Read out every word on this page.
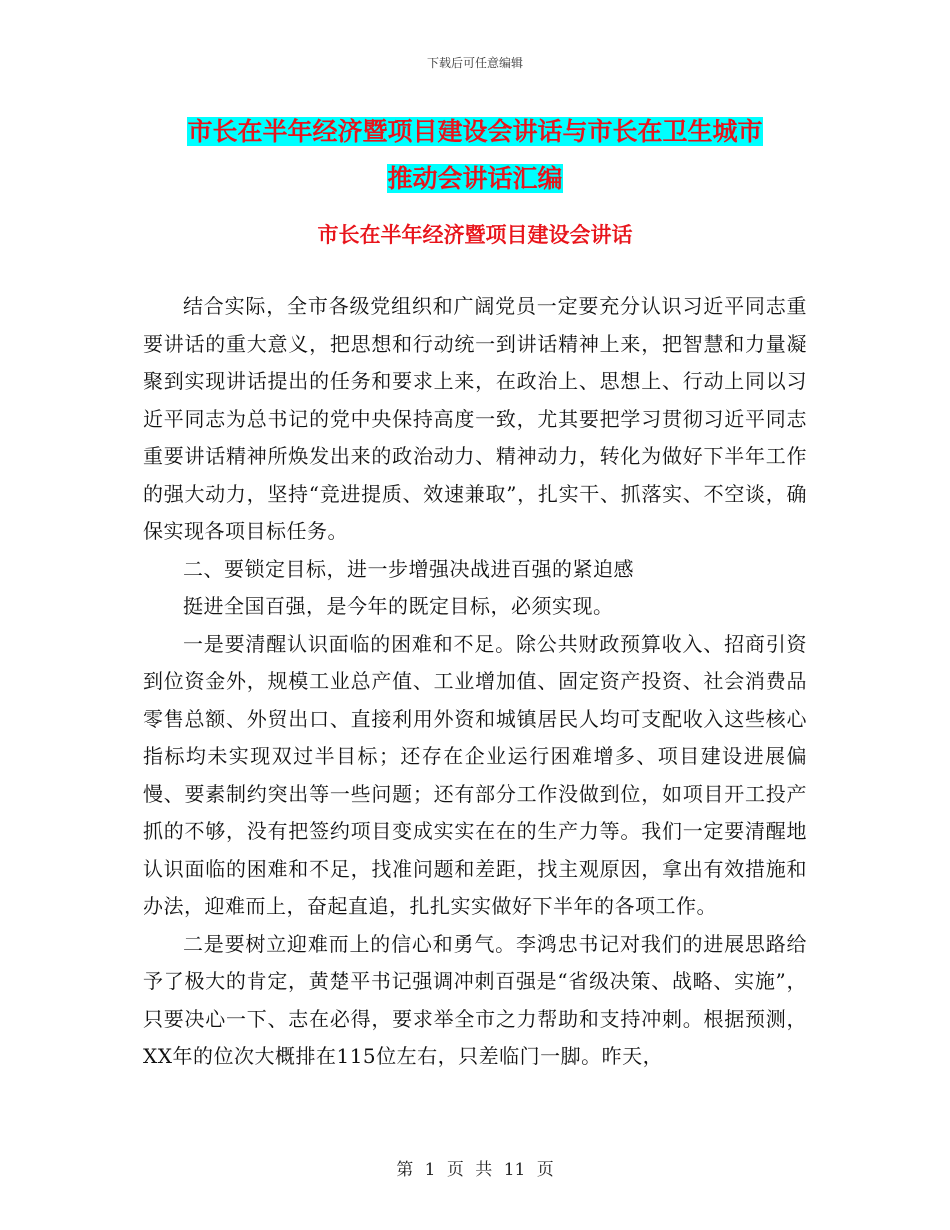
下载后可任意编辑
市长在半年经济暨项目建设会讲话与市长在卫生城市
推动会讲话汇编
市长在半年经济暨项目建设会讲话

结合实际，全市各级党组织和广阔党员一定要充分认识习近平同志重要讲话的重大意义，把思想和行动统一到讲话精神上来，把智慧和力量凝聚到实现讲话提出的任务和要求上来，在政治上、思想上、行动上同以习近平同志为总书记的党中央保持高度一致，尤其要把学习贯彻习近平同志重要讲话精神所焕发出来的政治动力、精神动力，转化为做好下半年工作的强大动力，坚持“竞进提质、效速兼取”，扎实干、抓落实、不空谈，确保实现各项目标任务。

二、要锁定目标，进一步增强决战进百强的紧迫感

挺进全国百强，是今年的既定目标，必须实现。

一是要清醒认识面临的困难和不足。除公共财政预算收入、招商引资到位资金外，规模工业总产值、工业增加值、固定资产投资、社会消费品零售总额、外贸出口、直接利用外资和城镇居民人均可支配收入这些核心指标均未实现双过半目标；还存在企业运行困难增多、项目建设进展偏慢、要素制约突出等一些问题；还有部分工作没做到位，如项目开工投产抓的不够，没有把签约项目变成实实在在的生产力等。我们一定要清醒地认识面临的困难和不足，找准问题和差距，找主观原因，拿出有效措施和办法，迎难而上，奋起直追，扎扎实实做好下半年的各项工作。

二是要树立迎难而上的信心和勇气。李鸿忠书记对我们的进展思路给予了极大的肯定，黄楚平书记强调冲刺百强是“省级决策、战略、实施”，只要决心一下、志在必得，要求举全市之力帮助和支持冲刺。根据预测，XX年的位次大概排在115位左右，只差临门一脚。昨天，

第 1 页 共 11 页
